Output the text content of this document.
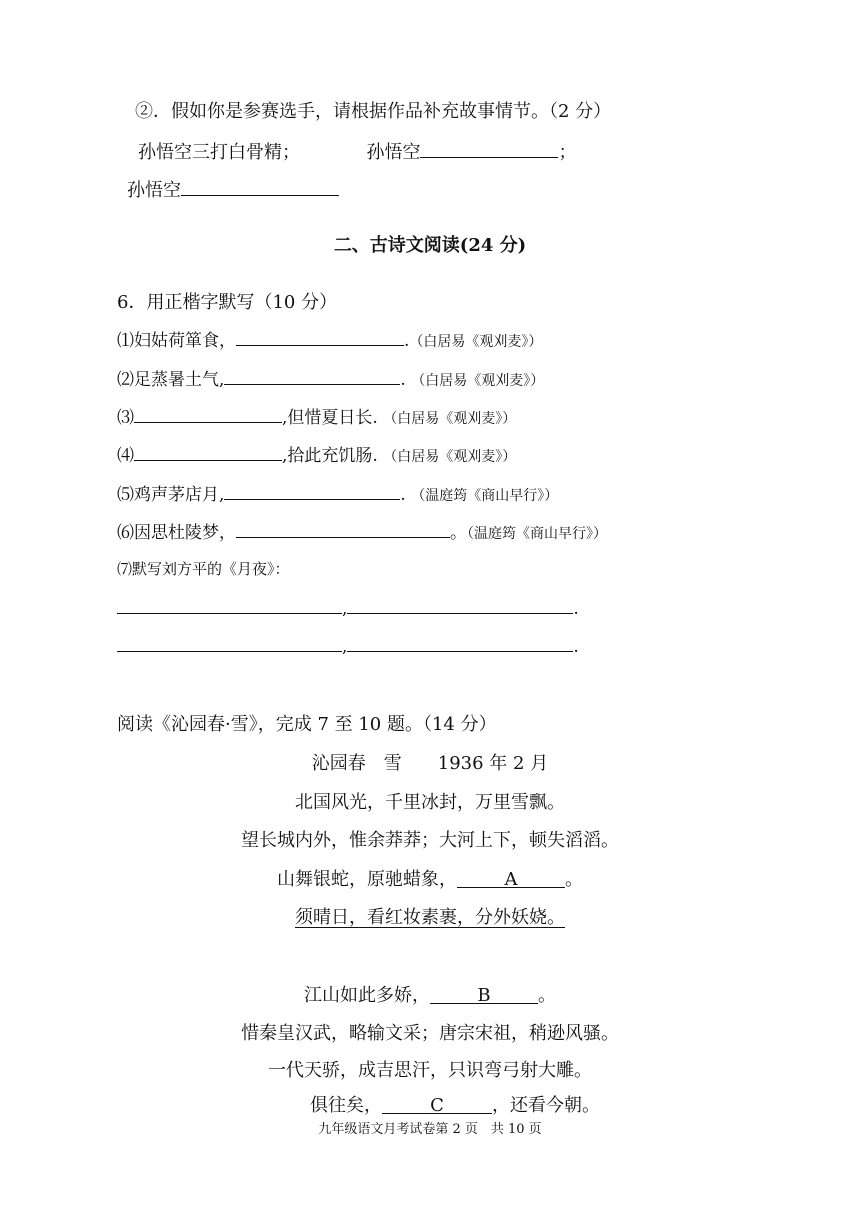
②．假如你是参赛选手，请根据作品补充故事情节。（2 分）
孙悟空三打白骨精；	孙悟空	；
孙悟空
二、古诗文阅读(24 分)
6．用正楷字默写（10 分）
⑴妇姑荷箪食，	.（白居易《观刈麦》）
⑵足蒸暑土气,	. （白居易《观刈麦》）
⑶	,但惜夏日长. （白居易《观刈麦》）
⑷	,拾此充饥肠. （白居易《观刈麦》）
⑸鸡声茅店月,	. （温庭筠《商山早行》）
⑹因思杜陵梦，	。（温庭筠《商山早行》）
⑺默写刘方平的《月夜》：
,	.
,	.
阅读《沁园春·雪》，完成 7 至 10 题。（14 分）
沁园春　雪　　1936 年 2 月
北国风光，千里冰封，万里雪飘。
望长城内外，惟余莽莽；大河上下，顿失滔滔。
山舞银蛇，原驰蜡象，	A	。
须晴日，看红妆素裹，分外妖娆。
江山如此多娇，	B	。
惜秦皇汉武，略输文采；唐宗宋祖，稍逊风骚。
一代天骄，成吉思汗，只识弯弓射大雕。
俱往矣，	C	，还看今朝。
九年级语文月考试卷第 2 页　共 10 页
